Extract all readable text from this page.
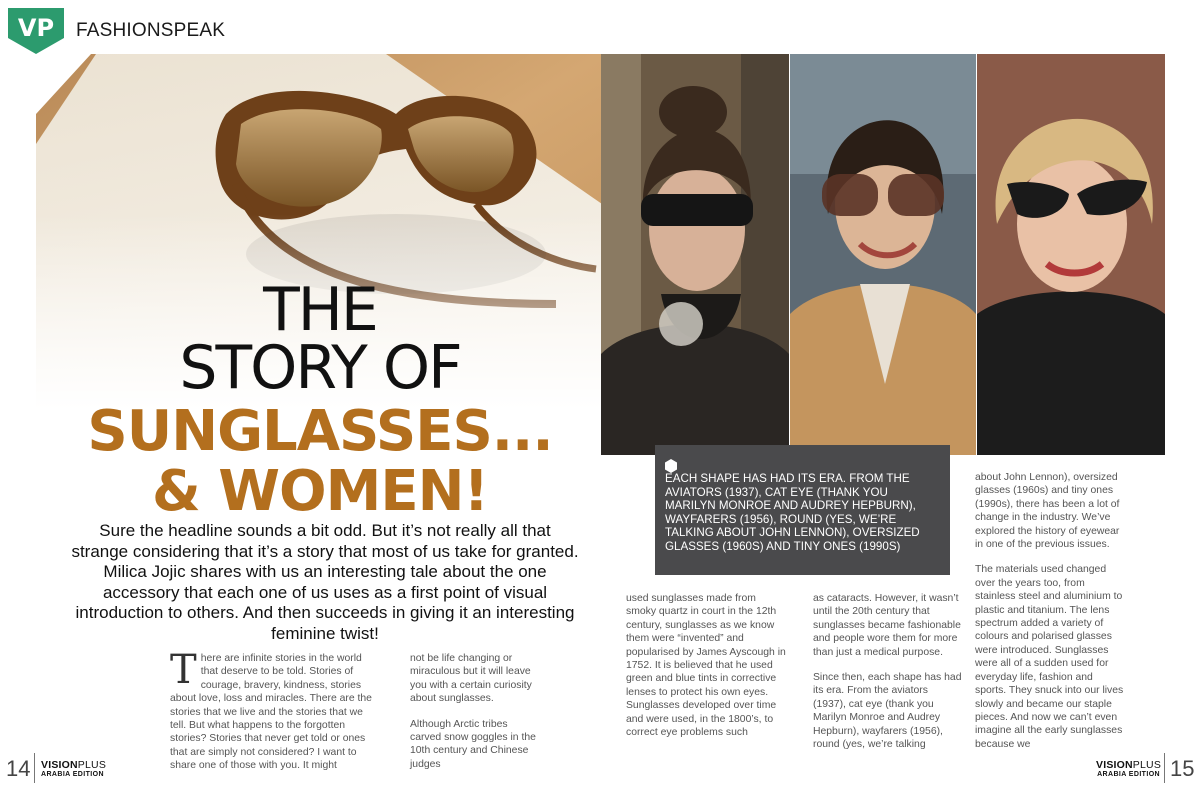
VP FASHIONSPEAK
THE
STORY OF
SUNGLASSES...
& WOMEN!
Sure the headline sounds a bit odd. But it’s not really all that strange considering that it’s a story that most of us take for granted. Milica Jojic shares with us an interesting tale about the one accessory that each one of us uses as a first point of visual introduction to others. And then succeeds in giving it an interesting feminine twist!
There are infinite stories in the world that deserve to be told. Stories of courage, bravery, kindness, stories about love, loss and miracles. There are the stories that we live and the stories that we tell. But what happens to the forgotten stories? Stories that never get told or ones that are simply not considered? I want to share one of those with you. It might

not be life changing or miraculous but it will leave you with a certain curiosity about sunglasses.

Although Arctic tribes carved snow goggles in the 10th century and Chinese judges

EACH SHAPE HAS HAD ITS ERA. FROM THE AVIATORS (1937), CAT EYE (THANK YOU MARILYN MONROE AND AUDREY HEPBURN), WAYFARERS (1956), ROUND (YES, WE’RE TALKING ABOUT JOHN LENNON), OVERSIZED GLASSES (1960S) AND TINY ONES (1990S)

used sunglasses made from smoky quartz in court in the 12th century, sunglasses as we know them were “invented” and popularised by James Ayscough in 1752. It is believed that he used green and blue tints in corrective lenses to protect his own eyes. Sunglasses developed over time and were used, in the 1800’s, to correct eye problems such

as cataracts. However, it wasn’t until the 20th century that sunglasses became fashionable and people wore them for more than just a medical purpose.

Since then, each shape has had its era. From the aviators (1937), cat eye (thank you Marilyn Monroe and Audrey Hepburn), wayfarers (1956), round (yes, we’re talking

about John Lennon), oversized glasses (1960s) and tiny ones (1990s), there has been a lot of change in the industry. We’ve explored the history of eyewear in one of the previous issues.

The materials used changed over the years too, from stainless steel and aluminium to plastic and titanium. The lens spectrum added a variety of colours and polarised glasses were introduced. Sunglasses were all of a sudden used for everyday life, fashion and sports. They snuck into our lives slowly and became our staple pieces. And now we can’t even imagine all the early sunglasses because we

14 VISIONPLUS
ARABIA EDITION
VISIONPLUS
ARABIA EDITION 15
